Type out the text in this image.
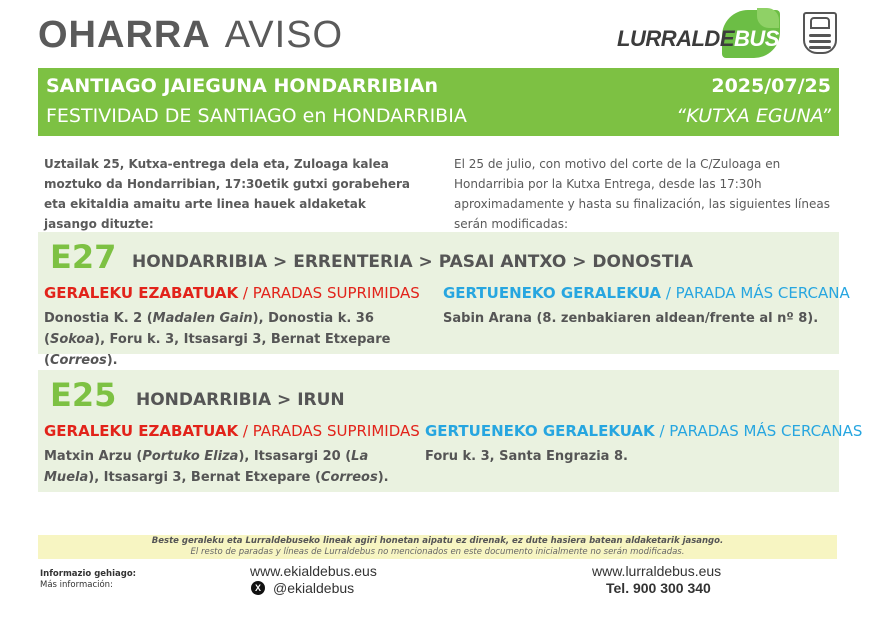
OHARRA AVISO	LURRALDEBUS
SANTIAGO JAIEGUNA HONDARRIBIAn
FESTIVIDAD DE SANTIAGO en HONDARRIBIA
2025/07/25
“KUTXA EGUNA”
Uztailak 25, Kutxa-entrega dela eta, Zuloaga kalea moztuko da Hondarribian, 17:30etik gutxi gorabehera eta ekitaldia amaitu arte linea hauek aldaketak jasango dituzte:
El 25 de julio, con motivo del corte de la C/Zuloaga en Hondarribia por la Kutxa Entrega, desde las 17:30h aproximadamente y hasta su finalización, las siguientes líneas serán modificadas:
E27 HONDARRIBIA > ERRENTERIA > PASAI ANTXO > DONOSTIA
GERALEKU EZABATUAK / PARADAS SUPRIMIDAS GERTUENEKO GERALEKUA / PARADA MÁS CERCANA
Donostia K. 2 (Madalen Gain), Donostia k. 36 (Sokoa), Foru k. 3, Itsasargi 3, Bernat Etxepare (Correos).
Sabin Arana (8. zenbakiaren aldean/frente al nº 8).
E25 HONDARRIBIA > IRUN
GERALEKU EZABATUAK / PARADAS SUPRIMIDAS GERTUENEKO GERALEKUAK / PARADAS MÁS CERCANAS
Matxin Arzu (Portuko Eliza), Itsasargi 20 (La Muela), Itsasargi 3, Bernat Etxepare (Correos).
Foru k. 3, Santa Engrazia 8.
Beste geraleku eta Lurraldebuseko lineak agiri honetan aipatu ez direnak, ez dute hasiera batean aldaketarik jasango.
El resto de paradas y líneas de Lurraldebus no mencionados en este documento inicialmente no serán modificadas.
Informazio gehiago:
Más información:
www.ekialdebus.eus
X @ekialdebus
www.lurraldebus.eus
Tel. 900 300 340
